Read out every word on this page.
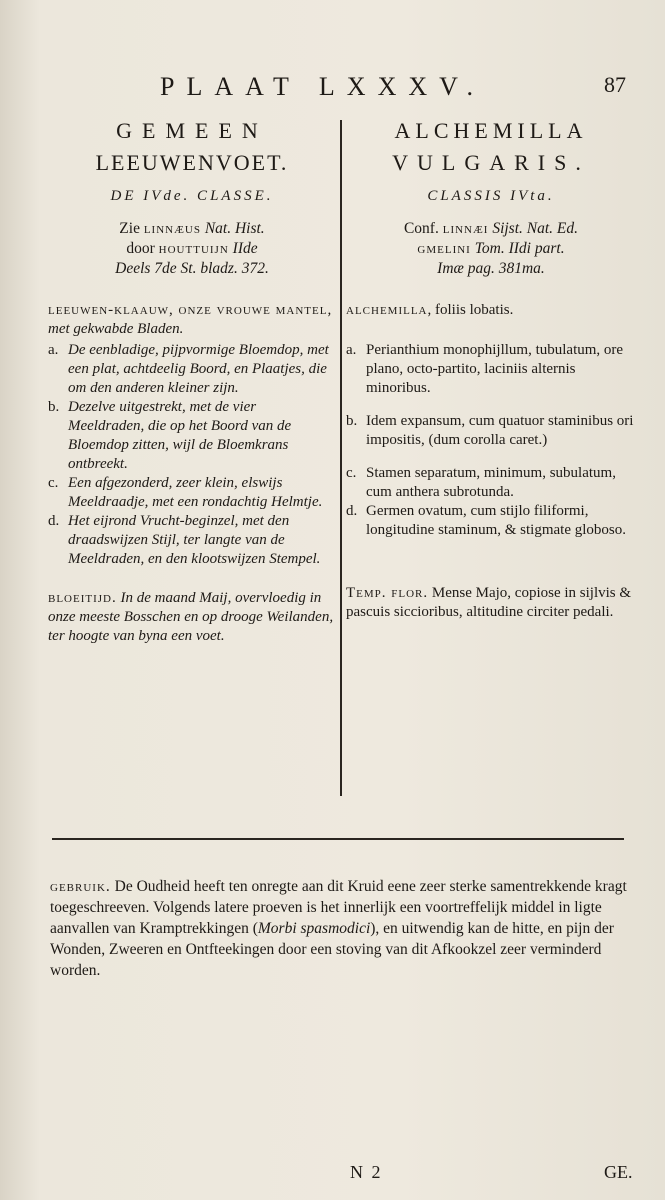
PLAAT LXXXV.	87

GEMEEN

LEEUWENVOET.

DE IVde. CLASSE.

Zie linnæus Nat. Hist.
door houttuijn IIde
Deels 7de St. bladz. 372.

leeuwen-klaauw, onze vrouwe mantel, met gekwabde Bladen.

a. De eenbladige, pijpvormige Bloemdop, met een plat, achtdeelig Boord, en Plaatjes, die om den anderen kleiner zijn.
b. Dezelve uitgestrekt, met de vier Meeldraden, die op het Boord van de Bloemdop zitten, wijl de Bloemkrans ontbreekt.
c. Een afgezonderd, zeer klein, elswijs Meeldraadje, met een rondachtig Helmtje.
d. Het eijrond Vrucht-beginzel, met den draadswijzen Stijl, ter langte van de Meeldraden, en den klootswijzen Stempel.

bloeitijd. In de maand Maij, overvloedig in onze meeste Bosschen en op drooge Weilanden, ter hoogte van byna een voet.

ALCHEMILLA

VULGARIS.

CLASSIS IVta.

Conf. linnæi Sijst. Nat. Ed.
gmelini Tom. IIdi part.
Imæ pag. 381ma.

alchemilla, foliis lobatis.

a. Perianthium monophijllum, tubulatum, ore plano, octo-partito, laciniis alternis minoribus.
b. Idem expansum, cum quatuor staminibus ori impositis, (dum corolla caret.)
c. Stamen separatum, minimum, subulatum, cum anthera subrotunda.
d. Germen ovatum, cum stijlo filiformi, longitudine staminum, & stigmate globoso.

Temp. flor. Mense Majo, copiose in sijlvis & pascuis siccioribus, altitudine circiter pedali.

gebruik. De Oudheid heeft ten onregte aan dit Kruid eene zeer sterke samentrekkende kragt toegeschreeven. Volgends latere proeven is het innerlijk een voortreffelijk middel in ligte aanvallen van Kramptrekkingen (Morbi spasmodici), en uitwendig kan de hitte, en pijn der Wonden, Zweeren en Ontfteekingen door een stoving van dit Afkookzel zeer verminderd worden.

N 2	GE.
